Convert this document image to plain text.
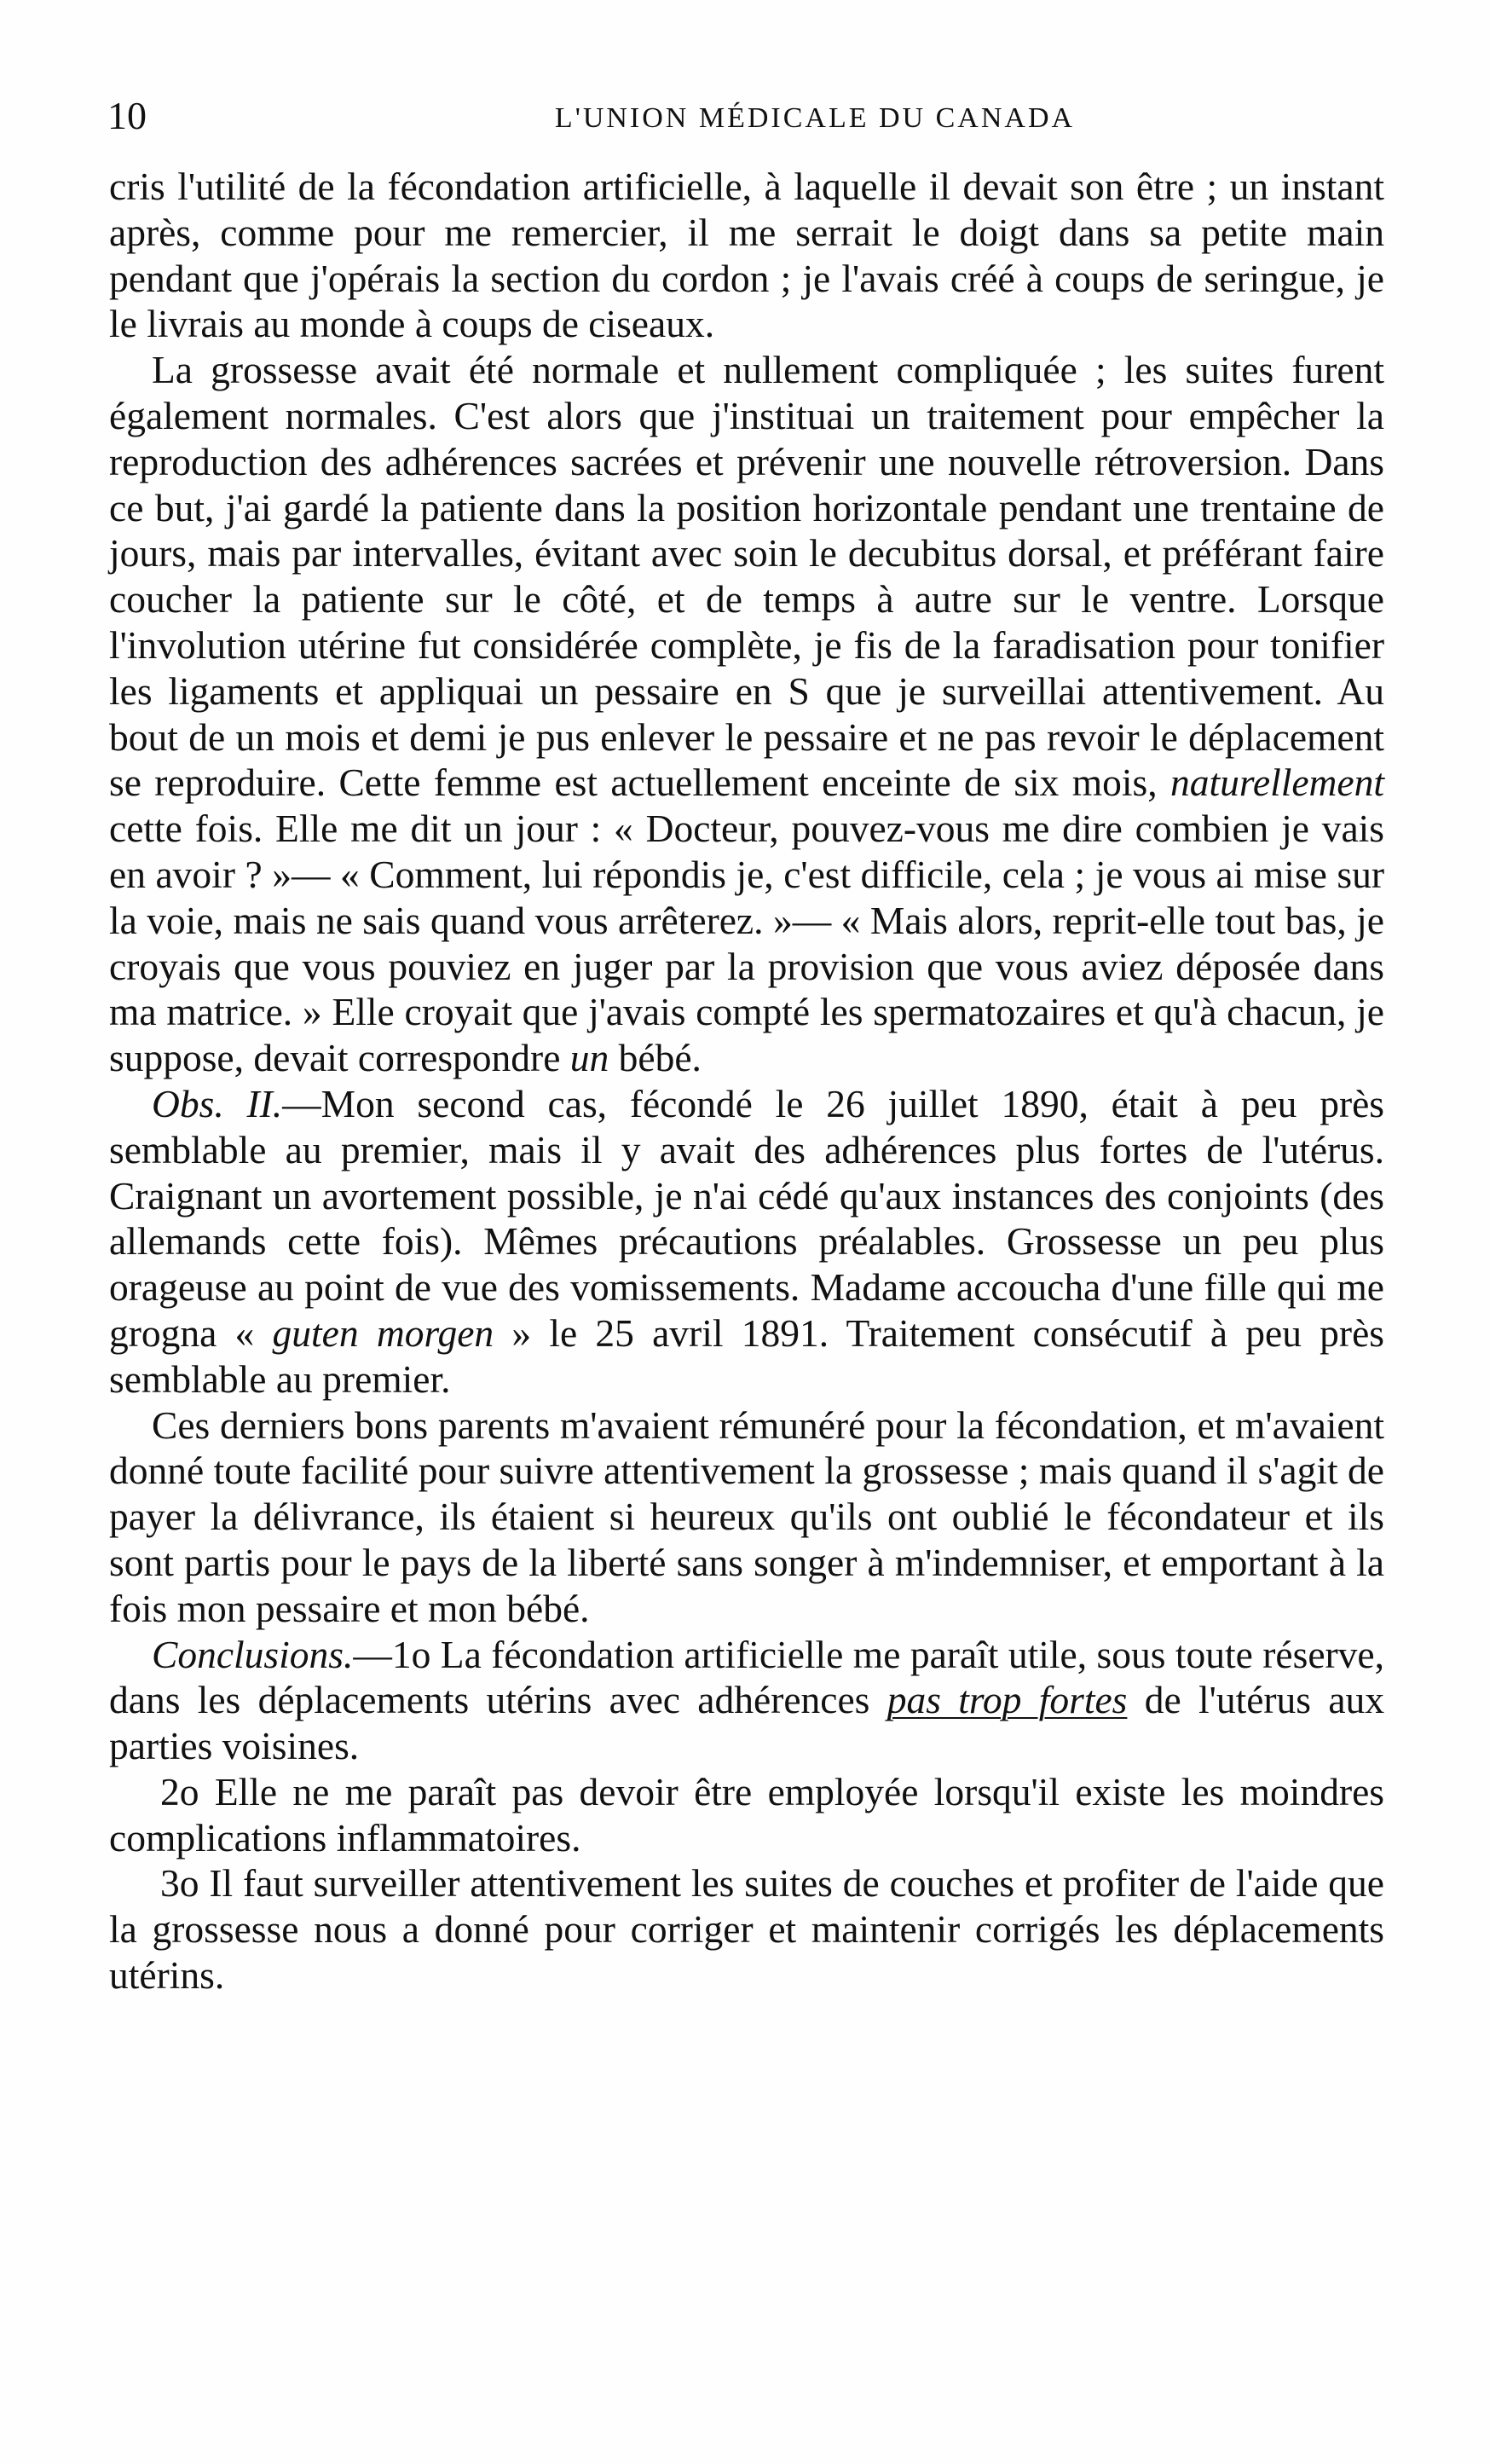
10	L'UNION MÉDICALE DU CANADA

cris l'utilité de la fécondation artificielle, à laquelle il devait son être ; un instant après, comme pour me remercier, il me serrait le doigt dans sa petite main pendant que j'opérais la section du cordon ; je l'avais créé à coups de seringue, je le livrais au monde à coups de ciseaux.

La grossesse avait été normale et nullement compliquée ; les suites furent également normales. C'est alors que j'instituai un traitement pour empêcher la reproduction des adhérences sacrées et prévenir une nouvelle rétroversion. Dans ce but, j'ai gardé la patiente dans la position horizontale pendant une trentaine de jours, mais par intervalles, évitant avec soin le decubitus dorsal, et préférant faire coucher la patiente sur le côté, et de temps à autre sur le ventre. Lorsque l'involution utérine fut considérée complète, je fis de la faradisation pour tonifier les ligaments et appliquai un pessaire en S que je surveillai attentivement. Au bout de un mois et demi je pus enlever le pessaire et ne pas revoir le déplacement se reproduire. Cette femme est actuellement enceinte de six mois, naturellement cette fois. Elle me dit un jour : « Docteur, pouvez-vous me dire combien je vais en avoir ? »— « Comment, lui répondis je, c'est difficile, cela ; je vous ai mise sur la voie, mais ne sais quand vous arrêterez. »— « Mais alors, reprit-elle tout bas, je croyais que vous pouviez en juger par la provision que vous aviez déposée dans ma matrice. » Elle croyait que j'avais compté les spermatozaires et qu'à chacun, je suppose, devait correspondre un bébé.

Obs. II.—Mon second cas, fécondé le 26 juillet 1890, était à peu près semblable au premier, mais il y avait des adhérences plus fortes de l'utérus. Craignant un avortement possible, je n'ai cédé qu'aux instances des conjoints (des allemands cette fois). Mêmes précautions préalables. Grossesse un peu plus orageuse au point de vue des vomissements. Madame accoucha d'une fille qui me grogna « guten morgen » le 25 avril 1891. Traitement consécutif à peu près semblable au premier.

Ces derniers bons parents m'avaient rémunéré pour la fécondation, et m'avaient donné toute facilité pour suivre attentivement la grossesse ; mais quand il s'agit de payer la délivrance, ils étaient si heureux qu'ils ont oublié le fécondateur et ils sont partis pour le pays de la liberté sans songer à m'indemniser, et emportant à la fois mon pessaire et mon bébé.

Conclusions.—1o La fécondation artificielle me paraît utile, sous toute réserve, dans les déplacements utérins avec adhérences pas trop fortes de l'utérus aux parties voisines.

2o Elle ne me paraît pas devoir être employée lorsqu'il existe les moindres complications inflammatoires.

3o Il faut surveiller attentivement les suites de couches et profiter de l'aide que la grossesse nous a donné pour corriger et maintenir corrigés les déplacements utérins.
